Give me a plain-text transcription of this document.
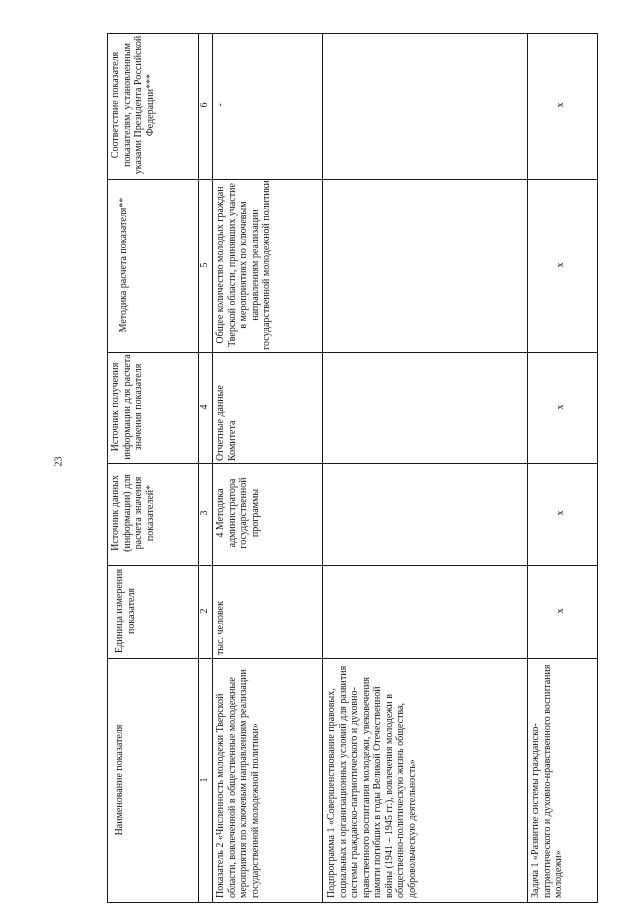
23
Наименование показателя
Единица измерения показателя
Источник данных (информации) для расчета значения показателей*
Источник получения информации для расчета значения показателя
Методика расчета показателя**
Соответствие показателя показателям, установленным указами Президента Российской Федерации***
1
2
3
4
5
6
Показатель 2 «Численность молодежи Тверской области, вовлеченной в общественные молодежные мероприятия по ключевым направлениям реализации государственной молодежной политики»
тыс. человек
4 Методика администратора государственной программы
Отчетные данные Комитета
Общее количество молодых граждан Тверской области, принявших участие в мероприятиях по ключевым направлениям реализации государственной молодежной политики
-
Подпрограмма 1 «Совершенствование правовых, социальных и организационных условий для развития системы гражданско-патриотического и духовно-нравственного воспитания молодежи, увековечения памяти погибших в годы Великой Отечественной войны (1941 – 1945 гг.), вовлечения молодежи в общественно-политическую жизнь общества, добровольческую деятельность»	Задача 1 «Развитие системы гражданско-патриотического и духовно-нравственного воспитания молодежи»
х
х
х
х
х
